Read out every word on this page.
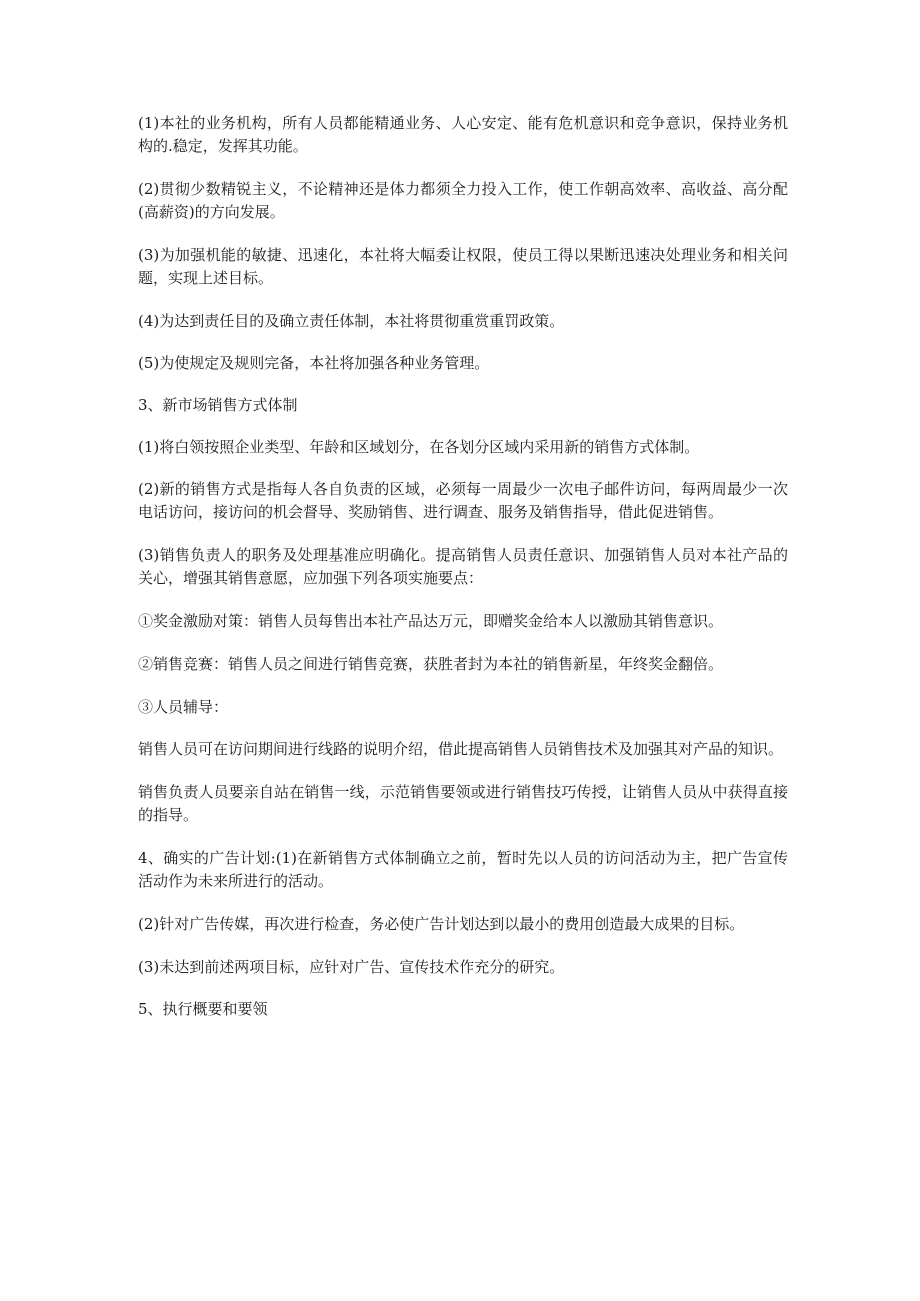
(1)本社的业务机构，所有人员都能精通业务、人心安定、能有危机意识和竞争意识，保持业务机构的.稳定，发挥其功能。

(2)贯彻少数精锐主义，不论精神还是体力都须全力投入工作，使工作朝高效率、高收益、高分配(高薪资)的方向发展。

(3)为加强机能的敏捷、迅速化，本社将大幅委让权限，使员工得以果断迅速决处理业务和相关问题，实现上述目标。

(4)为达到责任目的及确立责任体制，本社将贯彻重赏重罚政策。

(5)为使规定及规则完备，本社将加强各种业务管理。

3、新市场销售方式体制

(1)将白领按照企业类型、年龄和区域划分，在各划分区域内采用新的销售方式体制。

(2)新的销售方式是指每人各自负责的区域，必须每一周最少一次电子邮件访问，每两周最少一次电话访问，接访问的机会督导、奖励销售、进行调查、服务及销售指导，借此促进销售。

(3)销售负责人的职务及处理基准应明确化。提高销售人员责任意识、加强销售人员对本社产品的关心，增强其销售意愿，应加强下列各项实施要点：

①奖金激励对策：销售人员每售出本社产品达万元，即赠奖金给本人以激励其销售意识。

②销售竞赛：销售人员之间进行销售竞赛，获胜者封为本社的销售新星，年终奖金翻倍。

③人员辅导：

销售人员可在访问期间进行线路的说明介绍，借此提高销售人员销售技术及加强其对产品的知识。

销售负责人员要亲自站在销售一线，示范销售要领或进行销售技巧传授，让销售人员从中获得直接的指导。

4、确实的广告计划:(1)在新销售方式体制确立之前，暂时先以人员的访问活动为主，把广告宣传活动作为未来所进行的活动。

(2)针对广告传媒，再次进行检查，务必使广告计划达到以最小的费用创造最大成果的目标。

(3)未达到前述两项目标，应针对广告、宣传技术作充分的研究。

5、执行概要和要领
